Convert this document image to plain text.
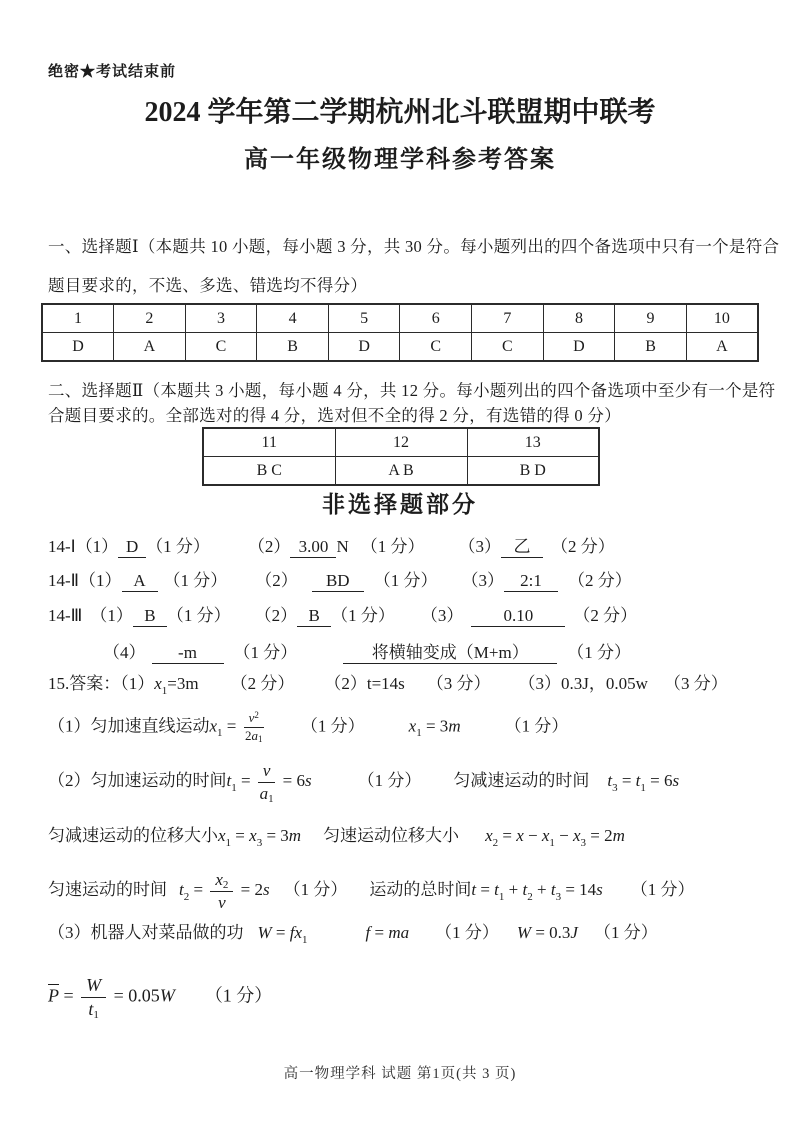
绝密★考试结束前
2024 学年第二学期杭州北斗联盟期中联考
高一年级物理学科参考答案
一、选择题Ⅰ（本题共 10 小题，每小题 3 分，共 30 分。每小题列出的四个备选项中只有一个是符合
题目要求的，不选、多选、错选均不得分）
1	2	3	4	5	6	7	8	9	10
D	A	C	B	D	C	C	D	B	A
二、选择题Ⅱ（本题共 3 小题，每小题 4 分，共 12 分。每小题列出的四个备选项中至少有一个是符
合题目要求的。全部选对的得 4 分，选对但不全的得 2 分，有选错的得 0 分）
11	12	13
B C	A B	B D
非选择题部分
14-Ⅰ（1） D （1 分） （2） 3.00 N （1 分） （3） 乙 （2 分）
14-Ⅱ（1） A （1 分） （2） BD （1 分） （3） 2:1 （2 分）
14-Ⅲ （1） B （1 分） （2） B （1 分） （3） 0.10 （2 分）
（4） -m （1 分）	将横轴变成（M+m） （1 分）
15.答案：$(1)x_1=3m$ （2 分） （2）t=14s （3 分） （3）0.3J，0.05w （3 分）
（1）匀加速直线运动$x_1 = \frac{v^2}{2a1} (1$ 分）	$x_1 = 3m$	（1 分）
（2）匀加速运动的时间$t_1 = \frac{v}{a1} = 6s$	（1 分） 匀减速运动的时间 $t_3 = t_1 = 6s$
匀减速运动的位移大小$x_1 = x_3 = 3m$ 匀速运动位移大小 $x_2 = x - x_1 - x_3 = 2m$
匀速运动的时间 $t_2 = \frac{x2}{v} = 2s$ （1 分） 运动的总时间$t = t_1 + t_2 + t_3 = 14s$ （1 分）
（3）机器人对菜品做的功 $W = fx_1$	f = ma （1 分） W = 0.3J （1 分）
$\overline{P} = \frac{W}{t1} = 0.05W$ （1 分）
高一物理学科 试题 第1页(共 3 页)
